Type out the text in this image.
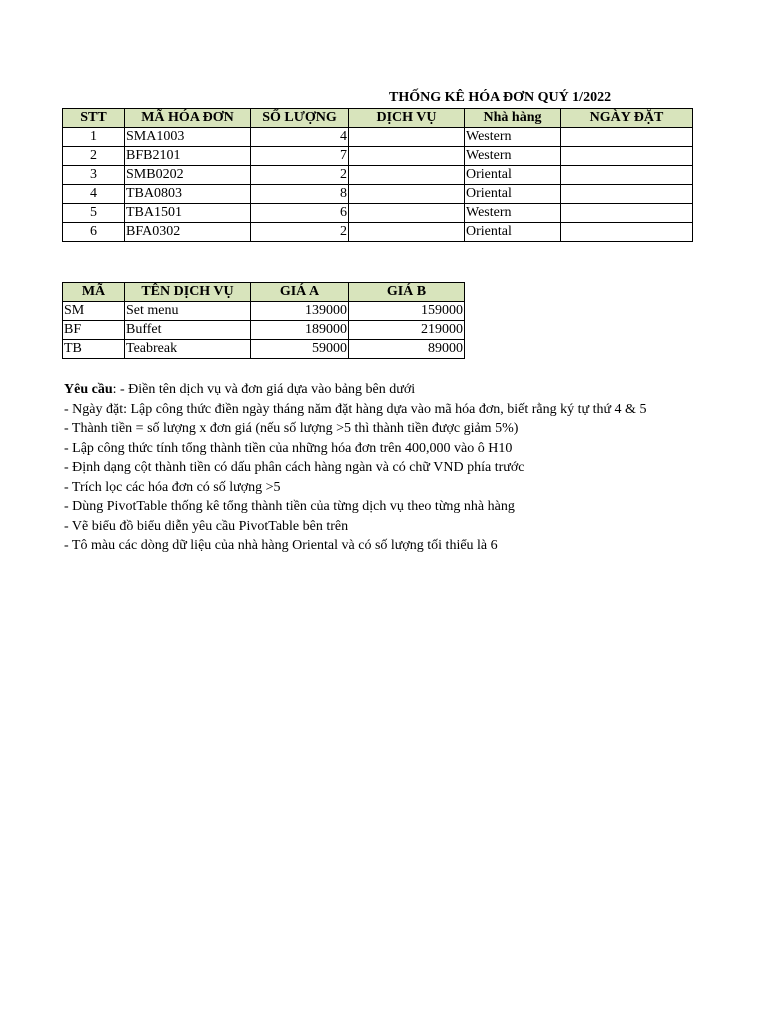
THỐNG KÊ HÓA ĐƠN QUÝ 1/2022
STT	MÃ HÓA ĐƠN	SỐ LƯỢNG	DỊCH VỤ	Nhà hàng	NGÀY ĐẶT
1	SMA1003	4		Western	
2	BFB2101	7		Western	
3	SMB0202	2		Oriental	
4	TBA0803	8		Oriental	
5	TBA1501	6		Western	
6	BFA0302	2		Oriental	
MÃ	TÊN DỊCH VỤ	GIÁ A	GIÁ B
SM	Set menu	139000	159000
BF	Buffet	189000	219000
TB	Teabreak	59000	89000
Yêu cầu: - Điền tên dịch vụ và đơn giá dựa vào bảng bên dưới
- Ngày đặt: Lập công thức điền ngày tháng năm đặt hàng dựa vào mã hóa đơn, biết rằng ký tự thứ 4 & 5
- Thành tiền = số lượng x đơn giá (nếu số lượng >5 thì thành tiền được giảm 5%)
- Lập công thức tính tổng thành tiền của những hóa đơn trên 400,000 vào ô H10
- Định dạng cột thành tiền có dấu phân cách hàng ngàn và có chữ VND phía trước
- Trích lọc các hóa đơn có số lượng >5
- Dùng PivotTable thống kê tổng thành tiền của từng dịch vụ theo từng nhà hàng
- Vẽ biểu đồ biểu diễn yêu cầu PivotTable bên trên
- Tô màu các dòng dữ liệu của nhà hàng Oriental và có số lượng tối thiểu là 6
